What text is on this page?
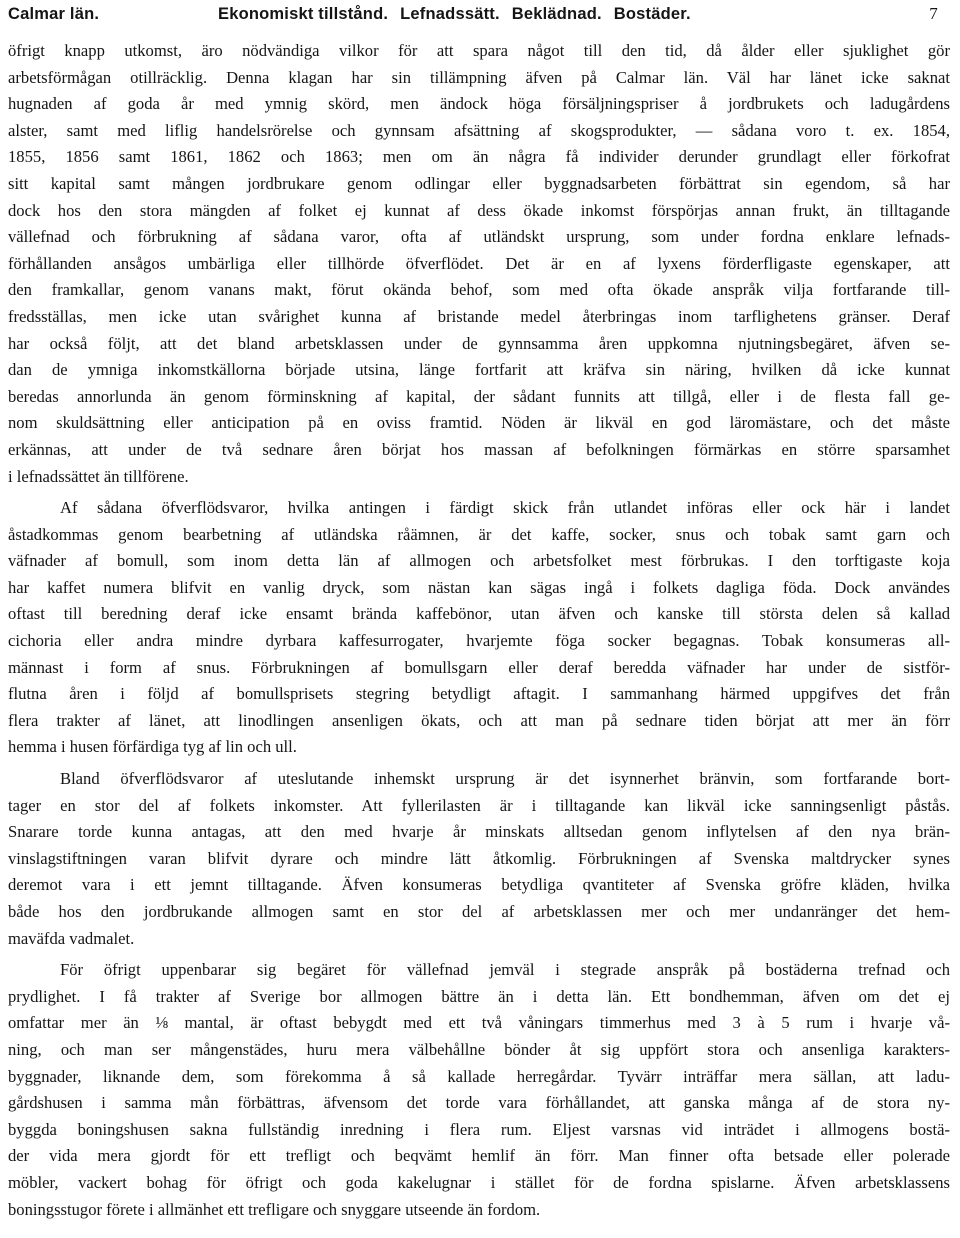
Calmar län.	Ekonomiskt tillstånd. Lefnadssätt. Beklädnad. Bostäder.	7
öfrigt knapp utkomst, äro nödvändiga vilkor för att spara något till den tid, då ålder eller sjuklighet gör
arbetsförmågan otillräcklig. Denna klagan har sin tillämpning äfven på Calmar län. Väl har länet icke saknat
hugnaden af goda år med ymnig skörd, men ändock höga försäljningspriser å jordbrukets och ladugårdens
alster, samt med liflig handelsrörelse och gynnsam afsättning af skogsprodukter, — sådana voro t. ex. 1854,
1855, 1856 samt 1861, 1862 och 1863; men om än några få individer derunder grundlagt eller förkofrat
sitt kapital samt mången jordbrukare genom odlingar eller byggnadsarbeten förbättrat sin egendom, så har
dock hos den stora mängden af folket ej kunnat af dess ökade inkomst förspörjas annan frukt, än tilltagande
vällefnad och förbrukning af sådana varor, ofta af utländskt ursprung, som under fordna enklare lefnads-
förhållanden ansågos umbärliga eller tillhörde öfverflödet. Det är en af lyxens förderfligaste egenskaper, att
den framkallar, genom vanans makt, förut okända behof, som med ofta ökade anspråk vilja fortfarande till-
fredsställas, men icke utan svårighet kunna af bristande medel återbringas inom tarflighetens gränser. Deraf
har också följt, att det bland arbetsklassen under de gynnsamma åren uppkomna njutningsbegäret, äfven se-
dan de ymniga inkomstkällorna började utsina, länge fortfarit att kräfva sin näring, hvilken då icke kunnat
beredas annorlunda än genom förminskning af kapital, der sådant funnits att tillgå, eller i de flesta fall ge-
nom skuldsättning eller anticipation på en oviss framtid. Nöden är likväl en god läromästare, och det måste
erkännas, att under de två sednare åren börjat hos massan af befolkningen förmärkas en större sparsamhet
i lefnadssättet än tillförene.
Af sådana öfverflödsvaror, hvilka antingen i färdigt skick från utlandet införas eller ock här i landet
åstadkommas genom bearbetning af utländska råämnen, är det kaffe, socker, snus och tobak samt garn och
väfnader af bomull, som inom detta län af allmogen och arbetsfolket mest förbrukas. I den torftigaste koja
har kaffet numera blifvit en vanlig dryck, som nästan kan sägas ingå i folkets dagliga föda. Dock användes
oftast till beredning deraf icke ensamt brända kaffebönor, utan äfven och kanske till största delen så kallad
cichoria eller andra mindre dyrbara kaffesurrogater, hvarjemte föga socker begagnas. Tobak konsumeras all-
männast i form af snus. Förbrukningen af bomullsgarn eller deraf beredda väfnader har under de sistför-
flutna åren i följd af bomullsprisets stegring betydligt aftagit. I sammanhang härmed uppgifves det från
flera trakter af länet, att linodlingen ansenligen ökats, och att man på sednare tiden börjat att mer än förr
hemma i husen förfärdiga tyg af lin och ull.
Bland öfverflödsvaror af uteslutande inhemskt ursprung är det isynnerhet bränvin, som fortfarande bort-
tager en stor del af folkets inkomster. Att fyllerilasten är i tilltagande kan likväl icke sanningsenligt påstås.
Snarare torde kunna antagas, att den med hvarje år minskats alltsedan genom inflytelsen af den nya brän-
vinslagstiftningen varan blifvit dyrare och mindre lätt åtkomlig. Förbrukningen af Svenska maltdrycker synes
deremot vara i ett jemnt tilltagande. Äfven konsumeras betydliga qvantiteter af Svenska gröfre kläden, hvilka
både hos den jordbrukande allmogen samt en stor del af arbetsklassen mer och mer undanränger det hem-
maväfda vadmalet.
För öfrigt uppenbarar sig begäret för vällefnad jemväl i stegrade anspråk på bostäderna trefnad och
prydlighet. I få trakter af Sverige bor allmogen bättre än i detta län. Ett bondhemman, äfven om det ej
omfattar mer än ⅛ mantal, är oftast bebygdt med ett två våningars timmerhus med 3 à 5 rum i hvarje vå-
ning, och man ser mångenstädes, huru mera välbehållne bönder åt sig uppfört stora och ansenliga karakters-
byggnader, liknande dem, som förekomma å så kallade herregårdar. Tyvärr inträffar mera sällan, att ladu-
gårdshusen i samma mån förbättras, äfvensom det torde vara förhållandet, att ganska många af de stora ny-
byggda boningshusen sakna fullständig inredning i flera rum. Eljest varsnas vid inträdet i allmogens bostä-
der vida mera gjordt för ett trefligt och beqvämt hemlif än förr. Man finner ofta betsade eller polerade
möbler, vackert bohag för öfrigt och goda kakelugnar i stället för de fordna spislarne. Äfven arbetsklassens
boningsstugor förete i allmänhet ett trefligare och snyggare utseende än fordom.
